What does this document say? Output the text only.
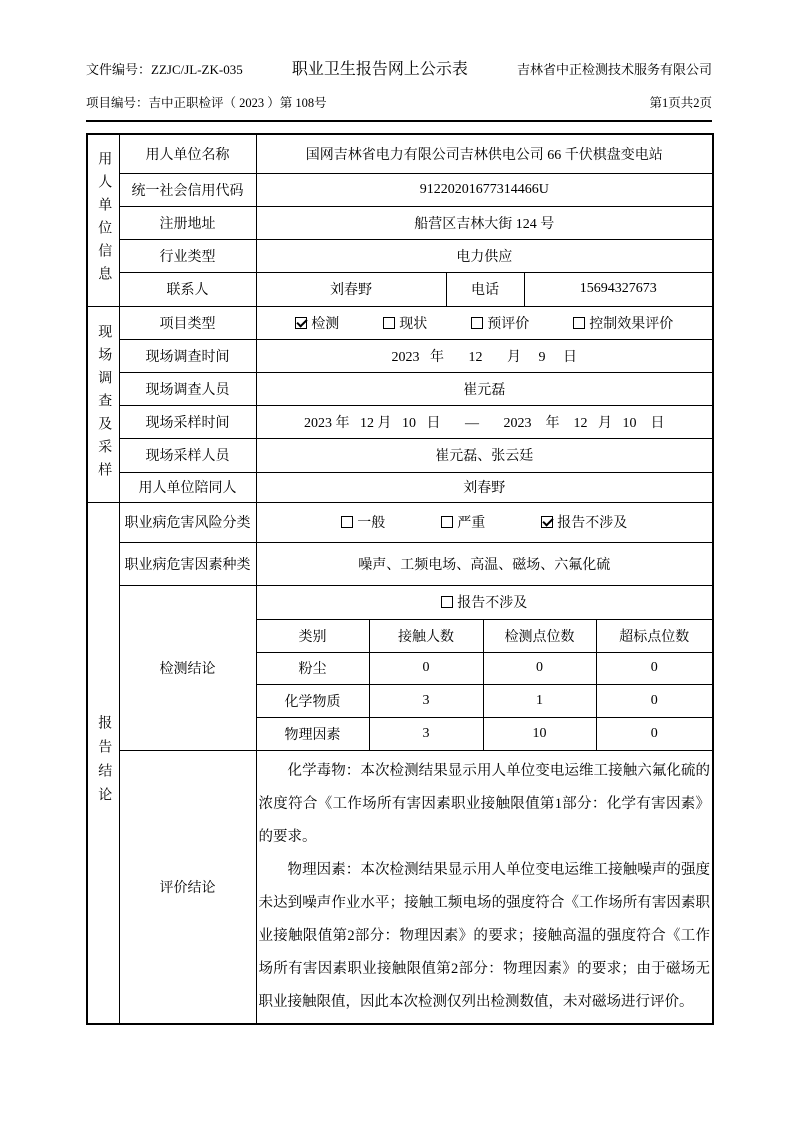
文件编号：ZZJC/JL-ZK-035	职业卫生报告网上公示表	吉林省中正检测技术服务有限公司
项目编号：吉中正职检评（ 2023 ）第 108号	第1页共2页
用人单位信息	用人单位名称	国网吉林省电力有限公司吉林供电公司 66 千伏棋盘变电站					
	统一社会信用代码	91220201677314466U					
	注册地址	船营区吉林大街 124 号					
	行业类型	电力供应					
	联系人	刘春野		电话		15694327673	
现场调查及采样	项目类型	检测 现状 预评价 控制效果评价					

	现场调查时间	2023   年       12       月     9     日					
	现场调查人员	崔元磊					
	现场采样时间	2023 年   12 月   10   日       —       2023    年    12   月   10    日					
	现场采样人员	崔元磊、张云廷					
	用人单位陪同人	刘春野					
报告结论	职业病危害风险分类	一般 严重 报告不涉及					

	职业病危害因素种类	噪声、工频电场、高温、磁场、六氟化硫					
	检测结论	报告不涉及					

		类别	接触人数		检测点位数		超标点位数
		粉尘	0		0		0
		化学物质	3		1		0
		物理因素	3		10		0
	评价结论	化学毒物：本次检测结果显示用人单位变电运维工接触六氟化硫的浓度符合《工作场所有害因素职业接触限值第1部分：化学有害因素》的要求。

物理因素：本次检测结果显示用人单位变电运维工接触噪声的强度未达到噪声作业水平；接触工频电场的强度符合《工作场所有害因素职业接触限值第2部分：物理因素》的要求；接触高温的强度符合《工作场所有害因素职业接触限值第2部分：物理因素》的要求；由于磁场无职业接触限值，因此本次检测仅列出检测数值，未对磁场进行评价。					
